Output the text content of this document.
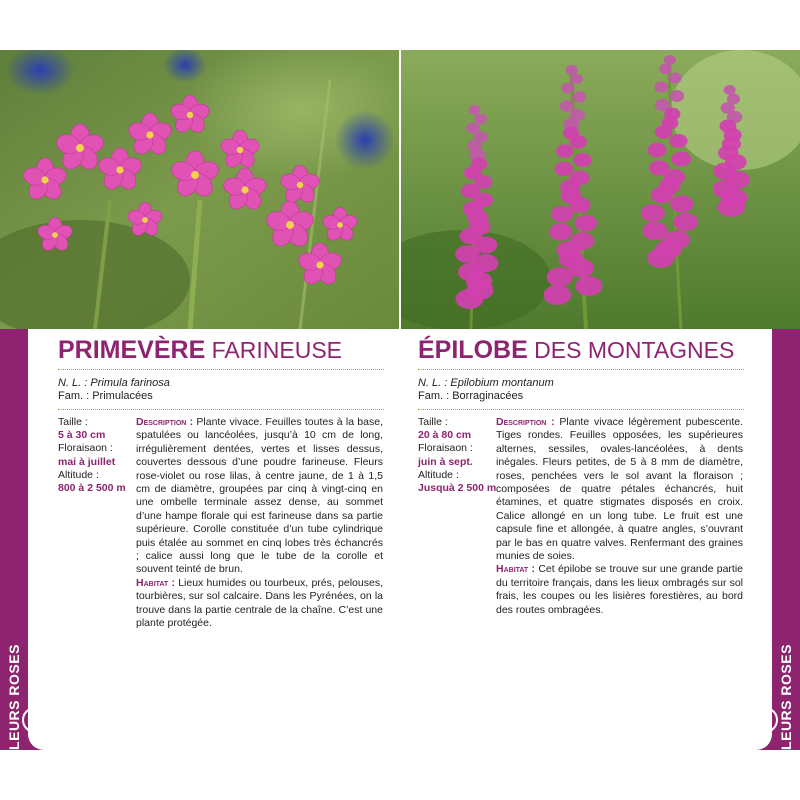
FLEURS ROSES
PRIMEVÈRE FARINEUSE
N. L. : Primula farinosa
Fam. : Primulacées
Taille :
5 à 30 cm
Floraisaon :
mai à juillet
Altitude :
800 à 2 500 m

Description : Plante vivace. Feuilles toutes à la base, spatulées ou lancéolées, jusqu’à 10 cm de long, irrégulièrement dentées, vertes et lisses dessus, couvertes dessous d’une poudre farineuse. Fleurs rose-violet ou rose lilas, à centre jaune, de 1 à 1,5 cm de diamètre, groupées par cinq à vingt-cinq en une ombelle terminale assez dense, au sommet d’une hampe florale qui est farineuse dans sa partie supérieure. Corolle constituée d’un tube cylindrique puis étalée au sommet en cinq lobes très échancrés ; calice aussi long que le tube de la corolle et souvent teinté de brun.

Habitat : Lieux humides ou tourbeux, prés, pelouses, tourbières, sur sol calcaire. Dans les Pyrénées, on la trouve dans la partie centrale de la chaîne. C’est une plante protégée.

FLEURS ROSES
ÉPILOBE DES MONTAGNES
N. L. : Epilobium montanum
Fam. : Borraginacées
Taille :
20 à 80 cm
Floraisaon :
juin à sept.
Altitude :
Jusquà 2 500 m

Description : Plante vivace légèrement pubescente. Tiges rondes. Feuilles opposées, les supérieures alternes, sessiles, ovales-lancéolées, à dents inégales. Fleurs petites, de 5 à 8 mm de diamètre, roses, penchées vers le sol avant la floraison ; composées de quatre pétales échancrés, huit étamines, et quatre stigmates disposés en croix. Calice allongé en un long tube. Le fruit est une capsule fine et allongée, à quatre angles, s’ouvrant par le bas en quatre valves. Renfermant des graines munies de soies.

Habitat : Cet épilobe se trouve sur une grande partie du territoire français, dans les lieux ombragés sur sol frais, les coupes ou les lisières forestières, au bord des routes ombragées.
